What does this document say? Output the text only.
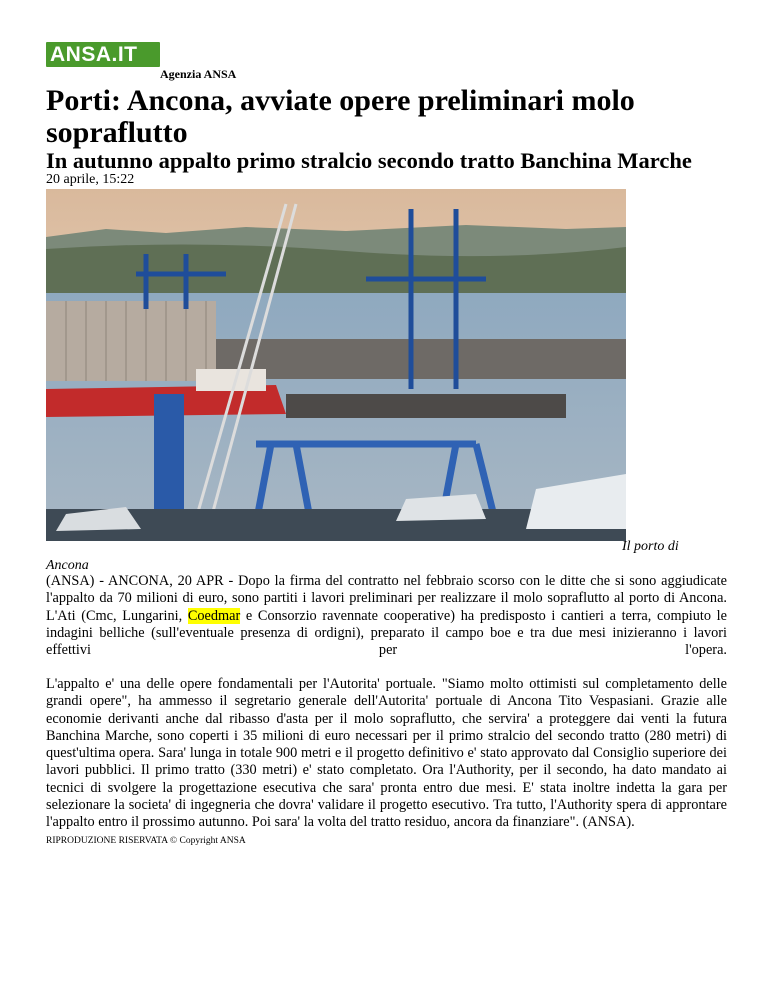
ANSA.IT
Agenzia ANSA
Porti: Ancona, avviate opere preliminari molo sopraflutto
In autunno appalto primo stralcio secondo tratto Banchina Marche
20 aprile, 15:22
Il porto di
Ancona

(ANSA) - ANCONA, 20 APR - Dopo la firma del contratto nel febbraio scorso con le ditte che si sono aggiudicate l'appalto da 70 milioni di euro, sono partiti i lavori preliminari per realizzare il molo sopraflutto al porto di Ancona. L'Ati (Cmc, Lungarini, Coedmar e Consorzio ravennate cooperative) ha predisposto i cantieri a terra, compiuto le indagini belliche (sull'eventuale presenza di ordigni), preparato il campo boe e tra due mesi inizieranno i lavori effettivi per l'opera.

L'appalto e' una delle opere fondamentali per l'Autorita' portuale. "Siamo molto ottimisti sul completamento delle grandi opere", ha ammesso il segretario generale dell'Autorita' portuale di Ancona Tito Vespasiani. Grazie alle economie derivanti anche dal ribasso d'asta per il molo sopraflutto, che servira' a proteggere dai venti la futura Banchina Marche, sono coperti i 35 milioni di euro necessari per il primo stralcio del secondo tratto (280 metri) di quest'ultima opera. Sara' lunga in totale 900 metri e il progetto definitivo e' stato approvato dal Consiglio superiore dei lavori pubblici. Il primo tratto (330 metri) e' stato completato. Ora l'Authority, per il secondo, ha dato mandato ai tecnici di svolgere la progettazione esecutiva che sara' pronta entro due mesi. E' stata inoltre indetta la gara per selezionare la societa' di ingegneria che dovra' validare il progetto esecutivo. Tra tutto, l'Authority spera di approntare l'appalto entro il prossimo autunno. Poi sara' la volta del tratto residuo, ancora da finanziare". (ANSA).

RIPRODUZIONE RISERVATA © Copyright ANSA
